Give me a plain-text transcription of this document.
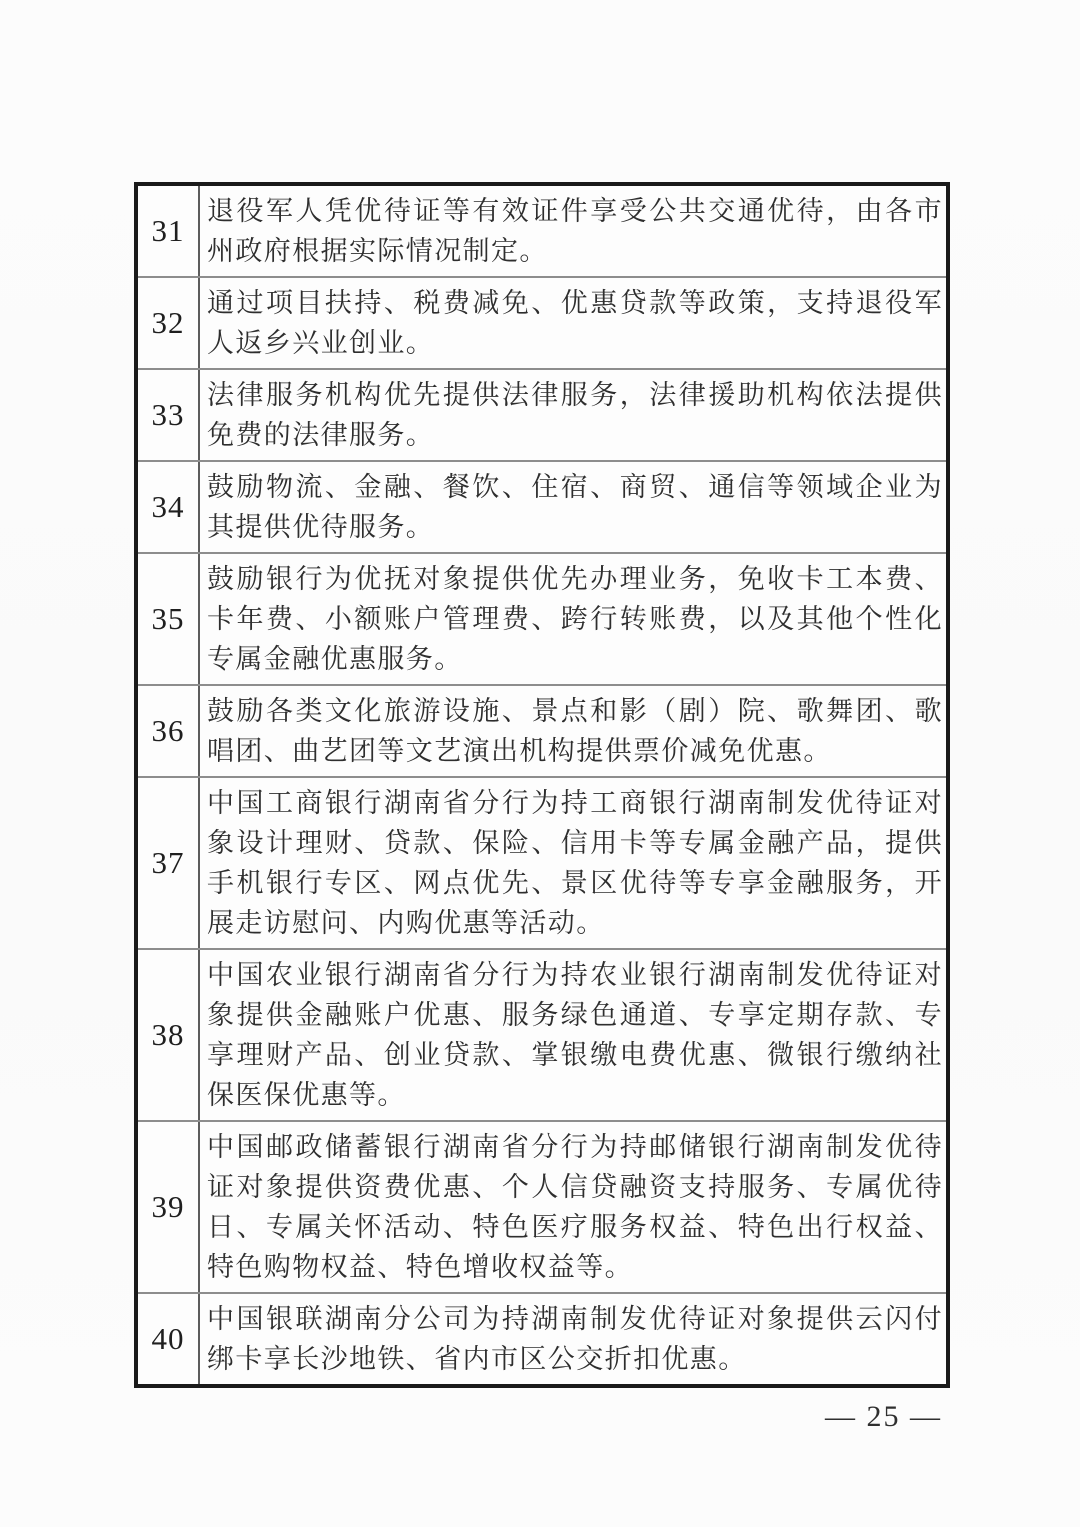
31
退役军人凭优待证等有效证件享受公共交通优待，由各市州政府根据实际情况制定。
32
通过项目扶持、税费减免、优惠贷款等政策，支持退役军人返乡兴业创业。
33
法律服务机构优先提供法律服务，法律援助机构依法提供免费的法律服务。
34
鼓励物流、金融、餐饮、住宿、商贸、通信等领域企业为其提供优待服务。
35
鼓励银行为优抚对象提供优先办理业务，免收卡工本费、卡年费、小额账户管理费、跨行转账费，以及其他个性化专属金融优惠服务。
36
鼓励各类文化旅游设施、景点和影（剧）院、歌舞团、歌唱团、曲艺团等文艺演出机构提供票价减免优惠。
37
中国工商银行湖南省分行为持工商银行湖南制发优待证对象设计理财、贷款、保险、信用卡等专属金融产品，提供手机银行专区、网点优先、景区优待等专享金融服务，开展走访慰问、内购优惠等活动。
38
中国农业银行湖南省分行为持农业银行湖南制发优待证对象提供金融账户优惠、服务绿色通道、专享定期存款、专享理财产品、创业贷款、掌银缴电费优惠、微银行缴纳社保医保优惠等。
39
中国邮政储蓄银行湖南省分行为持邮储银行湖南制发优待证对象提供资费优惠、个人信贷融资支持服务、专属优待日、专属关怀活动、特色医疗服务权益、特色出行权益、特色购物权益、特色增收权益等。
40
中国银联湖南分公司为持湖南制发优待证对象提供云闪付绑卡享长沙地铁、省内市区公交折扣优惠。
— 25 —
